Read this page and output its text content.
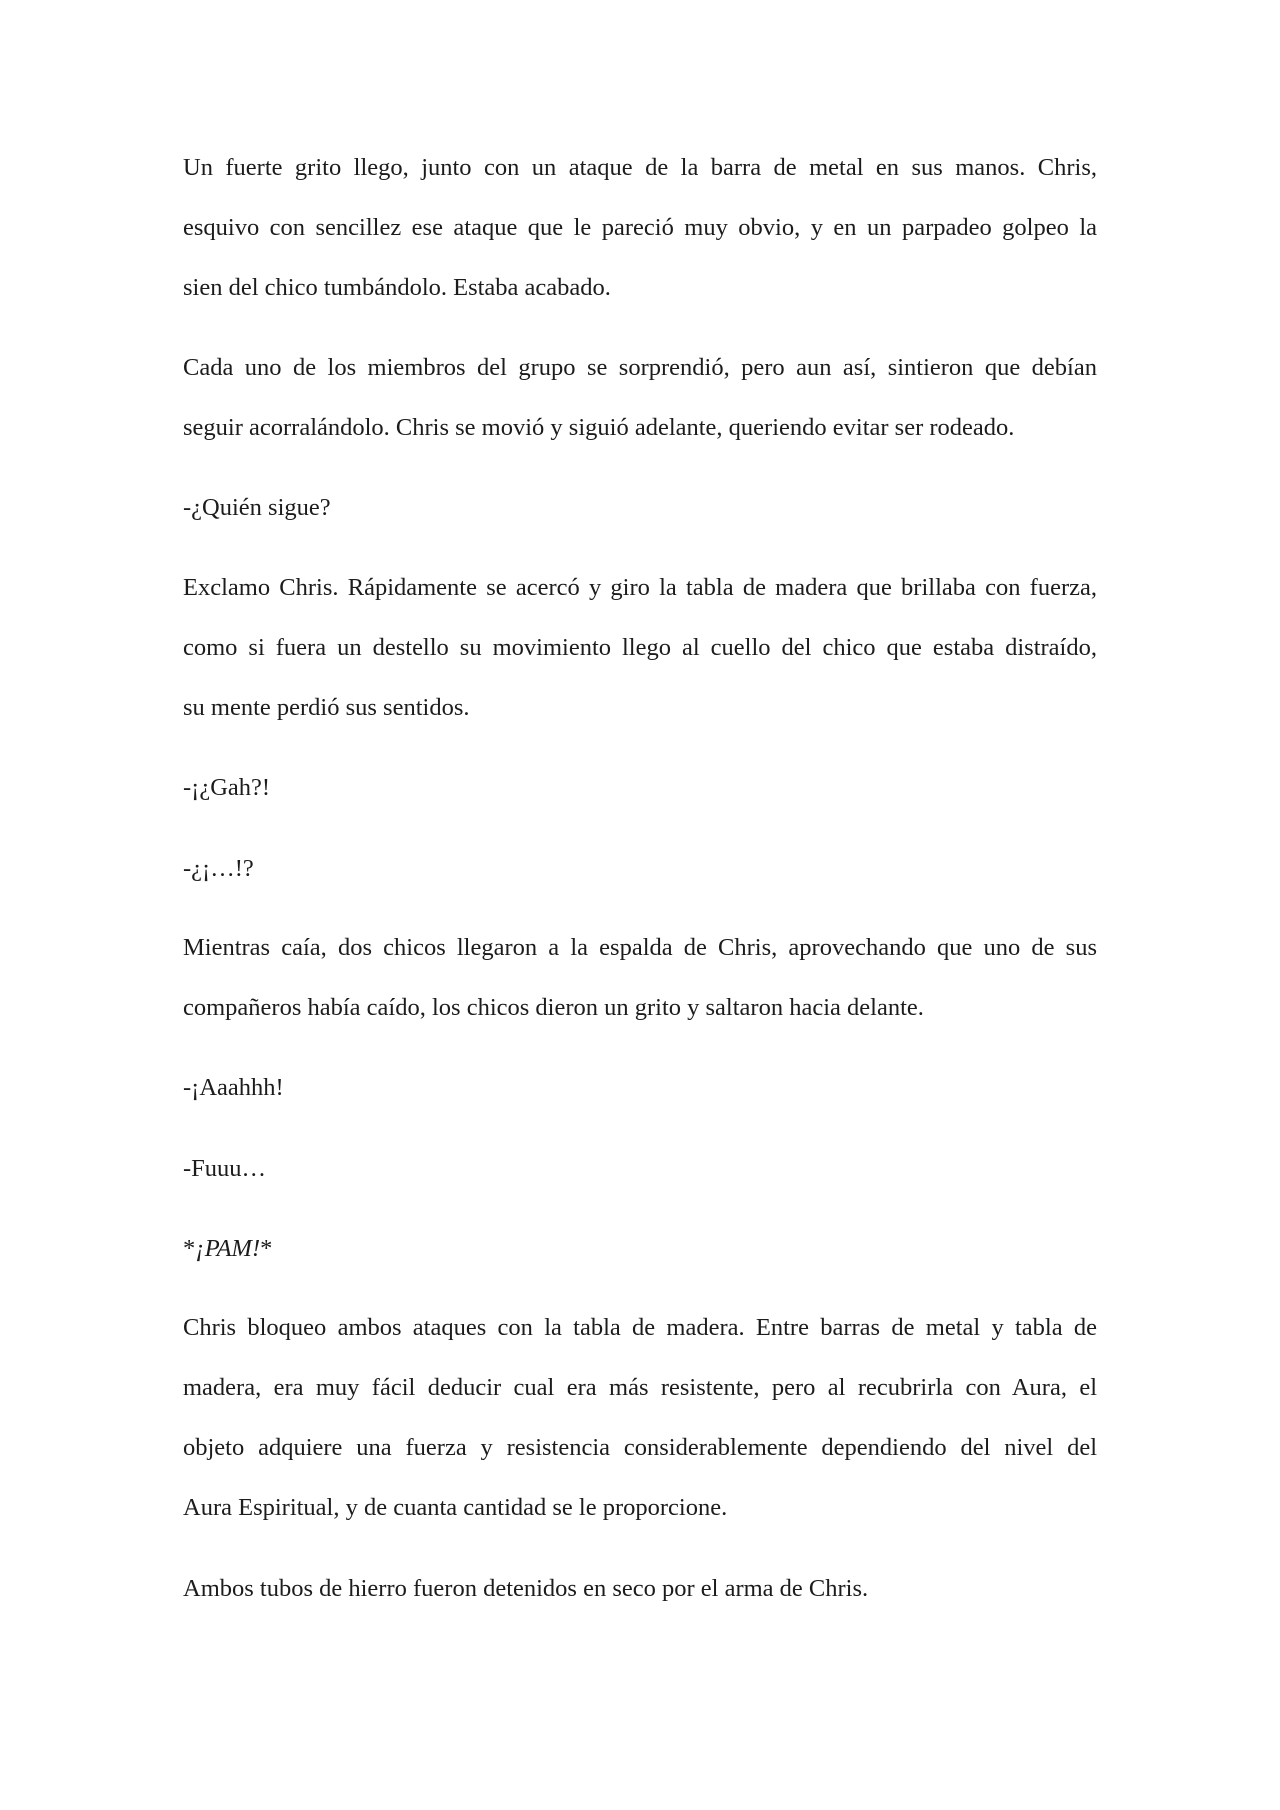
Un fuerte grito llego, junto con un ataque de la barra de metal en sus manos. Chris,
esquivo con sencillez ese ataque que le pareció muy obvio, y en un parpadeo golpeo la
sien del chico tumbándolo. Estaba acabado.
Cada uno de los miembros del grupo se sorprendió, pero aun así, sintieron que debían
seguir acorralándolo. Chris se movió y siguió adelante, queriendo evitar ser rodeado.

-¿Quién sigue?

Exclamo Chris. Rápidamente se acercó y giro la tabla de madera que brillaba con fuerza,
como si fuera un destello su movimiento llego al cuello del chico que estaba distraído,
su mente perdió sus sentidos.

-¡¿Gah?!

-¿¡…!?

Mientras caía, dos chicos llegaron a la espalda de Chris, aprovechando que uno de sus
compañeros había caído, los chicos dieron un grito y saltaron hacia delante.

-¡Aaahhh!

-Fuuu…

*¡PAM!*

Chris bloqueo ambos ataques con la tabla de madera. Entre barras de metal y tabla de
madera, era muy fácil deducir cual era más resistente, pero al recubrirla con Aura, el
objeto adquiere una fuerza y resistencia considerablemente dependiendo del nivel del
Aura Espiritual, y de cuanta cantidad se le proporcione.

Ambos tubos de hierro fueron detenidos en seco por el arma de Chris.
